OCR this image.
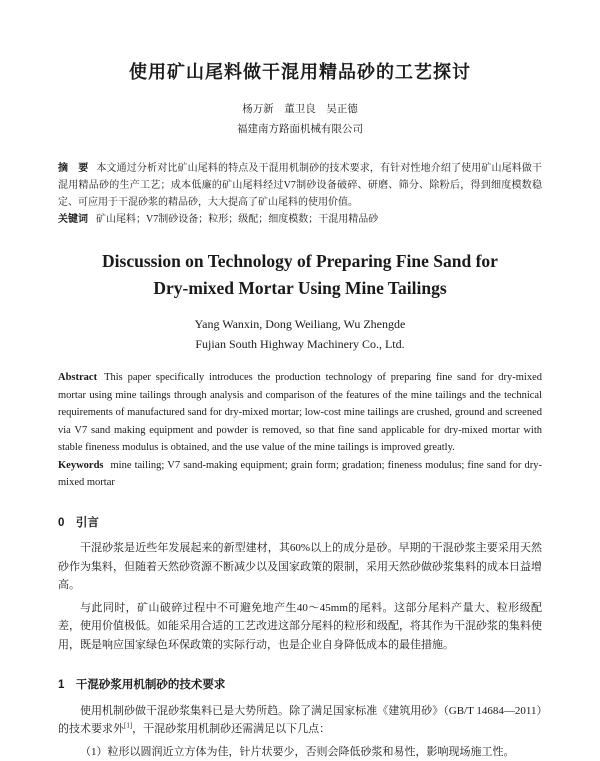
使用矿山尾料做干混用精品砂的工艺探讨

杨万新　董卫良　吴正德

福建南方路面机械有限公司

摘　要 本文通过分析对比矿山尾料的特点及干混用机制砂的技术要求，有针对性地介绍了使用矿山尾料做干混用精品砂的生产工艺；成本低廉的矿山尾料经过V7制砂设备破碎、研磨、筛分、除粉后，得到细度模数稳定、可应用于干混砂浆的精品砂，大大提高了矿山尾料的使用价值。

关键词 矿山尾料；V7制砂设备；粒形；级配；细度模数；干混用精品砂

Discussion on Technology of Preparing Fine Sand for
Dry-mixed Mortar Using Mine Tailings

Yang Wanxin, Dong Weiliang, Wu Zhengde

Fujian South Highway Machinery Co., Ltd.

Abstract This paper specifically introduces the production technology of preparing fine sand for dry-mixed mortar using mine tailings through analysis and comparison of the features of the mine tailings and the technical requirements of manufactured sand for dry-mixed mortar; low-cost mine tailings are crushed, ground and screened via V7 sand making equipment and powder is removed, so that fine sand applicable for dry-mixed mortar with stable fineness modulus is obtained, and the use value of the mine tailings is improved greatly.

Keywords mine tailing; V7 sand-making equipment; grain form; gradation; fineness modulus; fine sand for dry-mixed mortar

0　引言

干混砂浆是近些年发展起来的新型建材，其60%以上的成分是砂。早期的干混砂浆主要采用天然砂作为集料，但随着天然砂资源不断减少以及国家政策的限制，采用天然砂做砂浆集料的成本日益增高。

与此同时，矿山破碎过程中不可避免地产生40～45mm的尾料。这部分尾料产量大、粒形级配差，使用价值极低。如能采用合适的工艺改进这部分尾料的粒形和级配，将其作为干混砂浆的集料使用，既是响应国家绿色环保政策的实际行动，也是企业自身降低成本的最佳措施。

1　干混砂浆用机制砂的技术要求

使用机制砂做干混砂浆集料已是大势所趋。除了满足国家标准《建筑用砂》（GB/T 14684—2011）的技术要求外[1]，干混砂浆用机制砂还需满足以下几点：

（1）粒形以圆润近立方体为佳，针片状要少，否则会降低砂浆和易性，影响现场施工性。
